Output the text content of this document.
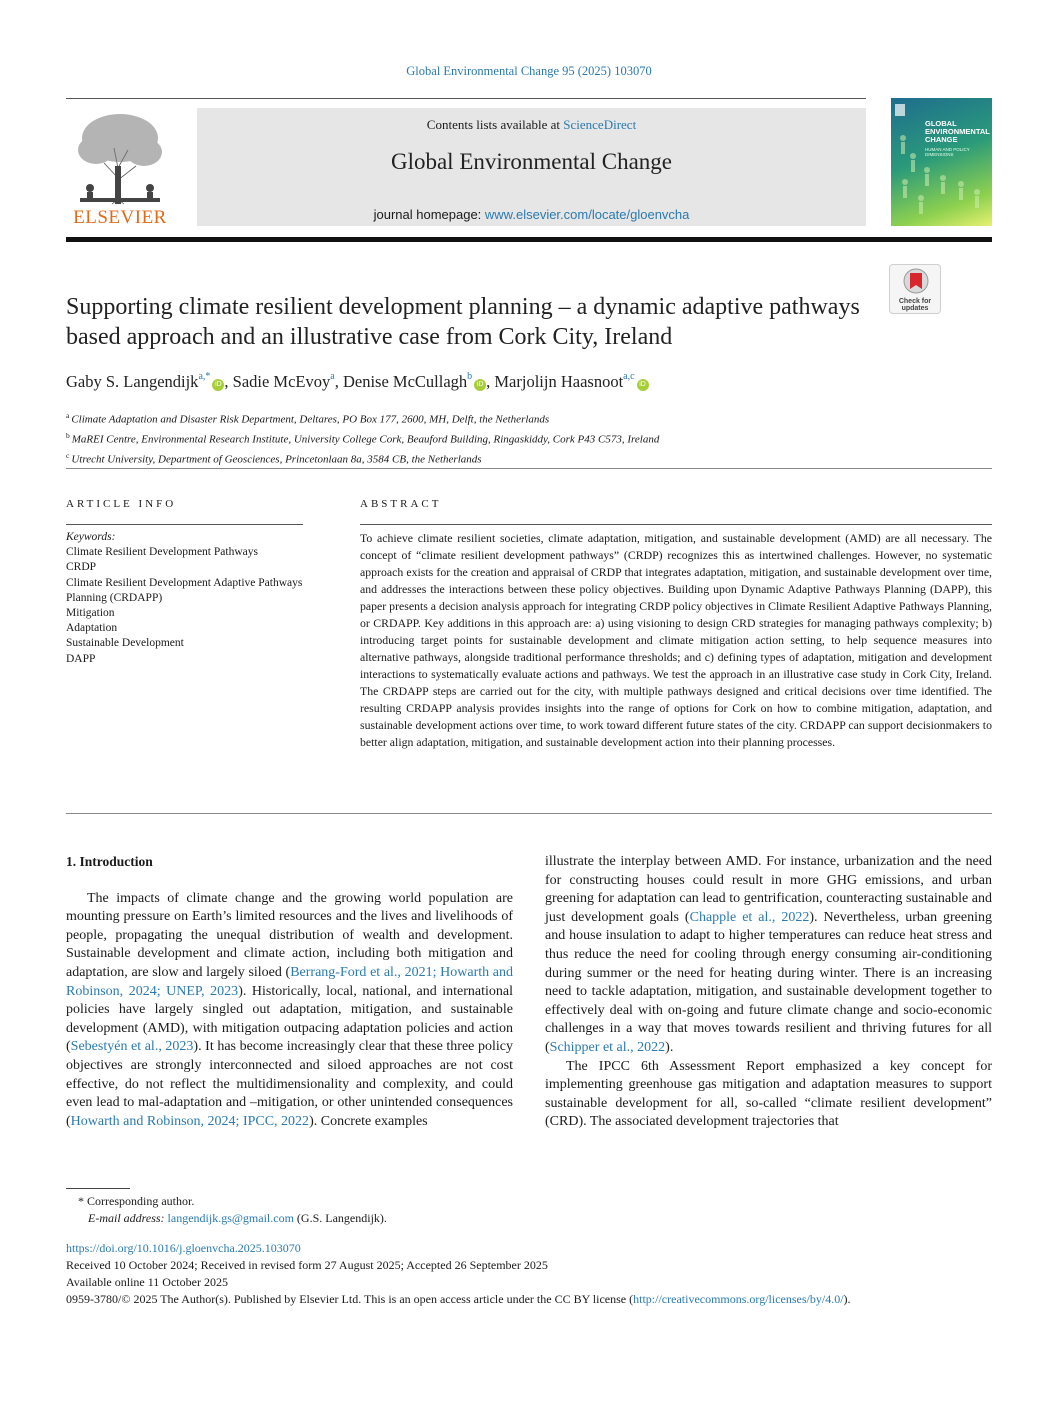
Global Environmental Change 95 (2025) 103070
ELSEVIER
Contents lists available at ScienceDirect
Global Environmental Change
journal homepage: www.elsevier.com/locate/gloenvcha
GLOBAL ENVIRONMENTAL CHANGE
HUMAN AND POLICY DIMENSIONS
Check for updates
Supporting climate resilient development planning – a dynamic adaptive pathways based approach and an illustrative case from Cork City, Ireland
Gaby S. Langendijk$^{a,*}$iD , Sadie McEvoy$^a$, Denise McCullagh$^b$iD , Marjolijn Haasnoot$^{a,c}$iD
$^a$ Climate Adaptation and Disaster Risk Department, Deltares, PO Box 177, 2600, MH, Delft, the Netherlands
$^b$ MaREI Centre, Environmental Research Institute, University College Cork, Beauford Building, Ringaskiddy, Cork P43 C573, Ireland
$^c$ Utrecht University, Department of Geosciences, Princetonlaan 8a, 3584 CB, the Netherlands
ARTICLE INFO	ABSTRACT
Keywords:
Climate Resilient Development Pathways
CRDP
Climate Resilient Development Adaptive Pathways Planning (CRDAPP)
Mitigation
Adaptation
Sustainable Development
DAPP
To achieve climate resilient societies, climate adaptation, mitigation, and sustainable development (AMD) are all necessary. The concept of “climate resilient development pathways” (CRDP) recognizes this as intertwined challenges. However, no systematic approach exists for the creation and appraisal of CRDP that integrates adaptation, mitigation, and sustainable development over time, and addresses the interactions between these policy objectives. Building upon Dynamic Adaptive Pathways Planning (DAPP), this paper presents a decision analysis approach for integrating CRDP policy objectives in Climate Resilient Adaptive Pathways Planning, or CRDAPP. Key additions in this approach are: a) using visioning to design CRD strategies for managing pathways complexity; b) introducing target points for sustainable development and climate mitigation action setting, to help sequence measures into alternative pathways, alongside traditional performance thresholds; and c) defining types of adaptation, mitigation and development interactions to systematically evaluate actions and pathways. We test the approach in an illustrative case study in Cork City, Ireland. The CRDAPP steps are carried out for the city, with multiple pathways designed and critical decisions over time identified. The resulting CRDAPP analysis provides insights into the range of options for Cork on how to combine mitigation, adaptation, and sustainable development actions over time, to work toward different future states of the city. CRDAPP can support decisionmakers to better align adaptation, mitigation, and sustainable development action into their planning processes.
1. Introduction
The impacts of climate change and the growing world population are mounting pressure on Earth’s limited resources and the lives and livelihoods of people, propagating the unequal distribution of wealth and development. Sustainable development and climate action, including both mitigation and adaptation, are slow and largely siloed (Berrang-Ford et al., 2021; Howarth and Robinson, 2024; UNEP, 2023). Historically, local, national, and international policies have largely singled out adaptation, mitigation, and sustainable development (AMD), with mitigation outpacing adaptation policies and action (Sebestyén et al., 2023). It has become increasingly clear that these three policy objectives are strongly interconnected and siloed approaches are not cost effective, do not reflect the multidimensionality and complexity, and could even lead to mal-adaptation and –mitigation, or other unintended consequences (Howarth and Robinson, 2024; IPCC, 2022). Concrete examples
illustrate the interplay between AMD. For instance, urbanization and the need for constructing houses could result in more GHG emissions, and urban greening for adaptation can lead to gentrification, counteracting sustainable and just development goals (Chapple et al., 2022). Nevertheless, urban greening and house insulation to adapt to higher temperatures can reduce heat stress and thus reduce the need for cooling through energy consuming air-conditioning during summer or the need for heating during winter. There is an increasing need to tackle adaptation, mitigation, and sustainable development together to effectively deal with on-going and future climate change and socio-economic challenges in a way that moves towards resilient and thriving futures for all (Schipper et al., 2022).
The IPCC 6th Assessment Report emphasized a key concept for implementing greenhouse gas mitigation and adaptation measures to support sustainable development for all, so-called “climate resilient development” (CRD). The associated development trajectories that
* Corresponding author.
E-mail address: langendijk.gs@gmail.com (G.S. Langendijk).
https://doi.org/10.1016/j.gloenvcha.2025.103070
Received 10 October 2024; Received in revised form 27 August 2025; Accepted 26 September 2025
Available online 11 October 2025
0959-3780/© 2025 The Author(s). Published by Elsevier Ltd. This is an open access article under the CC BY license (http://creativecommons.org/licenses/by/4.0/).
